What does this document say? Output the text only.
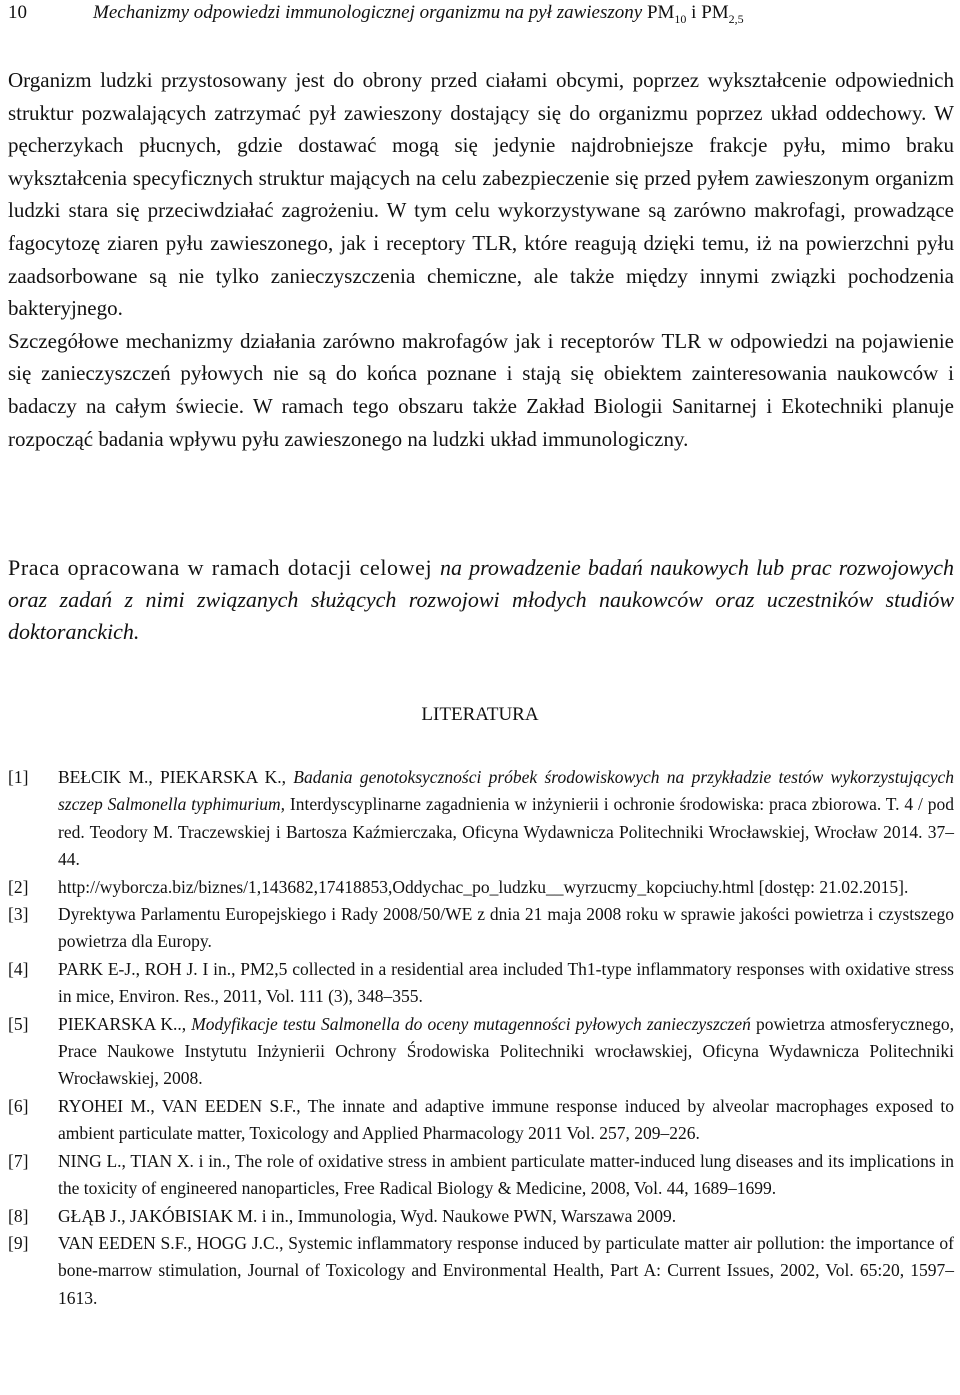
10	Mechanizmy odpowiedzi immunologicznej organizmu na pył zawieszony $PM_{10}$ i $PM_{2,5}$

Organizm ludzki przystosowany jest do obrony przed ciałami obcymi, poprzez wykształcenie odpowiednich struktur pozwalających zatrzymać pył zawieszony dostający się do organizmu poprzez układ oddechowy. W pęcherzykach płucnych, gdzie dostawać mogą się jedynie najdrobniejsze frakcje pyłu, mimo braku wykształcenia specyficznych struktur mających na celu zabezpieczenie się przed pyłem zawieszonym organizm ludzki stara się przeciwdziałać zagrożeniu. W tym celu wykorzystywane są zarówno makrofagi, prowadzące fagocytozę ziaren pyłu zawieszonego, jak i receptory TLR, które reagują dzięki temu, iż na powierzchni pyłu zaadsorbowane są nie tylko zanieczyszczenia chemiczne, ale także między innymi związki pochodzenia bakteryjnego.

Szczegółowe mechanizmy działania zarówno makrofagów jak i receptorów TLR w odpowiedzi na pojawienie się zanieczyszczeń pyłowych nie są do końca poznane i stają się obiektem zainteresowania naukowców i badaczy na całym świecie. W ramach tego obszaru także Zakład Biologii Sanitarnej i Ekotechniki planuje rozpocząć badania wpływu pyłu zawieszonego na ludzki układ immunologiczny.

Praca opracowana w ramach dotacji celowej na prowadzenie badań naukowych lub prac rozwojowych oraz zadań z nimi związanych służących rozwojowi młodych naukowców oraz uczestników studiów doktoranckich.
LITERATURA
[1] BEŁCIK M., PIEKARSKA K., Badania genotoksyczności próbek środowiskowych na przykładzie testów wykorzystujących szczep Salmonella typhimurium, Interdyscyplinarne zagadnienia w inżynierii i ochronie środowiska: praca zbiorowa. T. 4 / pod red. Teodory M. Traczewskiej i Bartosza Kaźmierczaka, Oficyna Wydawnicza Politechniki Wrocławskiej, Wrocław 2014. 37–44.
[2] http://wyborcza.biz/biznes/1,143682,17418853,Oddychac_po_ludzku__wyrzucmy_kopciuchy.html [dostęp: 21.02.2015].
[3] Dyrektywa Parlamentu Europejskiego i Rady 2008/50/WE z dnia 21 maja 2008 roku w sprawie jakości powietrza i czystszego powietrza dla Europy.
[4] PARK E-J., ROH J. I in., PM2,5 collected in a residential area included Th1-type inflammatory responses with oxidative stress in mice, Environ. Res., 2011, Vol. 111 (3), 348–355.
[5] PIEKARSKA K.., Modyfikacje testu Salmonella do oceny mutagenności pyłowych zanieczyszczeń powietrza atmosferycznego, Prace Naukowe Instytutu Inżynierii Ochrony Środowiska Politechniki wrocławskiej, Oficyna Wydawnicza Politechniki Wrocławskiej, 2008.
[6] RYOHEI M., VAN EEDEN S.F., The innate and adaptive immune response induced by alveolar macrophages exposed to ambient particulate matter, Toxicology and Applied Pharmacology 2011 Vol. 257, 209–226.
[7] NING L., TIAN X. i in., The role of oxidative stress in ambient particulate matter-induced lung diseases and its implications in the toxicity of engineered nanoparticles, Free Radical Biology & Medicine, 2008, Vol. 44, 1689–1699.
[8] GŁĄB J., JAKÓBISIAK M. i in., Immunologia, Wyd. Naukowe PWN, Warszawa 2009.
[9] VAN EEDEN S.F., HOGG J.C., Systemic inflammatory response induced by particulate matter air pollution: the importance of bone-marrow stimulation, Journal of Toxicology and Environmental Health, Part A: Current Issues, 2002, Vol. 65:20, 1597–1613.
